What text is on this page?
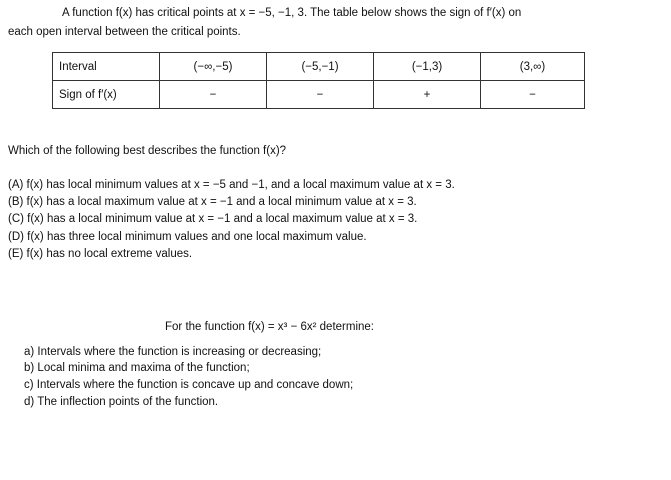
A function f(x) has critical points at x = −5, −1, 3. The table below shows the sign of f′(x) on
each open interval between the critical points.
Interval	(−∞,−5)	(−5,−1)	(−1,3)	(3,∞)
Sign of f′(x)	−	−	+	−
Which of the following best describes the function f(x)?
(A) f(x) has local minimum values at x = −5 and −1, and a local maximum value at x = 3.
(B) f(x) has a local maximum value at x = −1 and a local minimum value at x = 3.
(C) f(x) has a local minimum value at x = −1 and a local maximum value at x = 3.
(D) f(x) has three local minimum values and one local maximum value.
(E) f(x) has no local extreme values.
For the function f(x) = x³ − 6x² determine:
a) Intervals where the function is increasing or decreasing;
b) Local minima and maxima of the function;
c) Intervals where the function is concave up and concave down;
d) The inflection points of the function.
